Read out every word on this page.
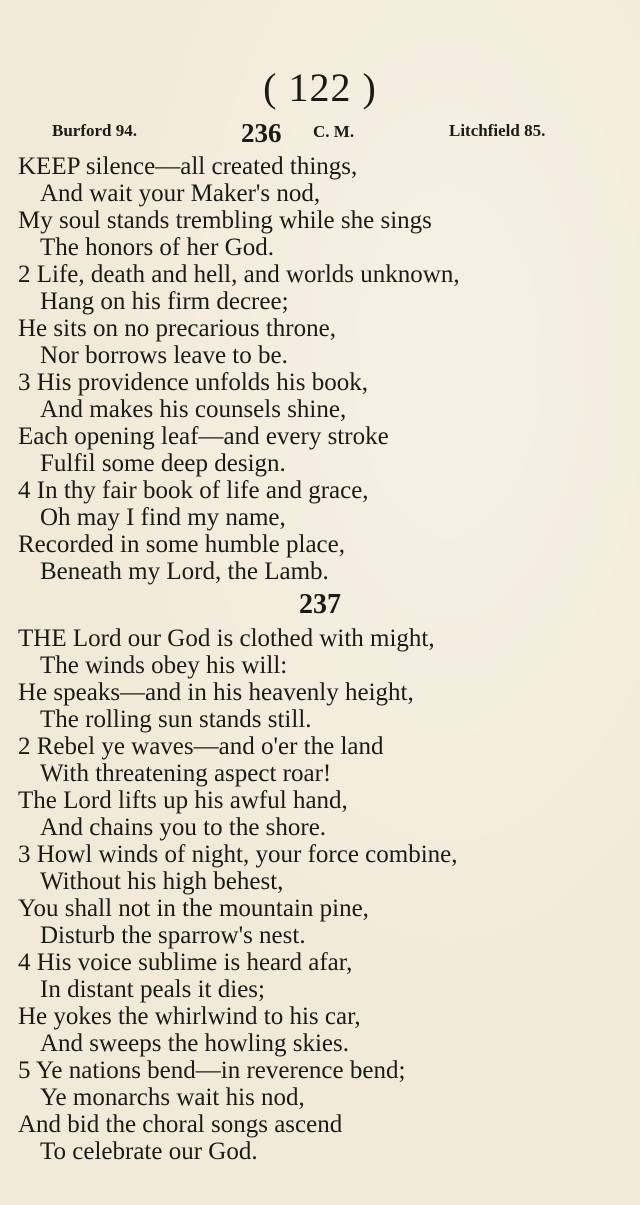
( 122 )
Burford 94.	236 C. M.	Litchfield 85.
KEEP silence—all created things,
And wait your Maker's nod,
My soul stands trembling while she sings
The honors of her God.
2 Life, death and hell, and worlds unknown,
Hang on his firm decree;
He sits on no precarious throne,
Nor borrows leave to be.
3 His providence unfolds his book,
And makes his counsels shine,
Each opening leaf—and every stroke
Fulfil some deep design.
4 In thy fair book of life and grace,
Oh may I find my name,
Recorded in some humble place,
Beneath my Lord, the Lamb.
237
THE Lord our God is clothed with might,
The winds obey his will:
He speaks—and in his heavenly height,
The rolling sun stands still.
2 Rebel ye waves—and o'er the land
With threatening aspect roar!
The Lord lifts up his awful hand,
And chains you to the shore.
3 Howl winds of night, your force combine,
Without his high behest,
You shall not in the mountain pine,
Disturb the sparrow's nest.
4 His voice sublime is heard afar,
In distant peals it dies;
He yokes the whirlwind to his car,
And sweeps the howling skies.
5 Ye nations bend—in reverence bend;
Ye monarchs wait his nod,
And bid the choral songs ascend
To celebrate our God.
